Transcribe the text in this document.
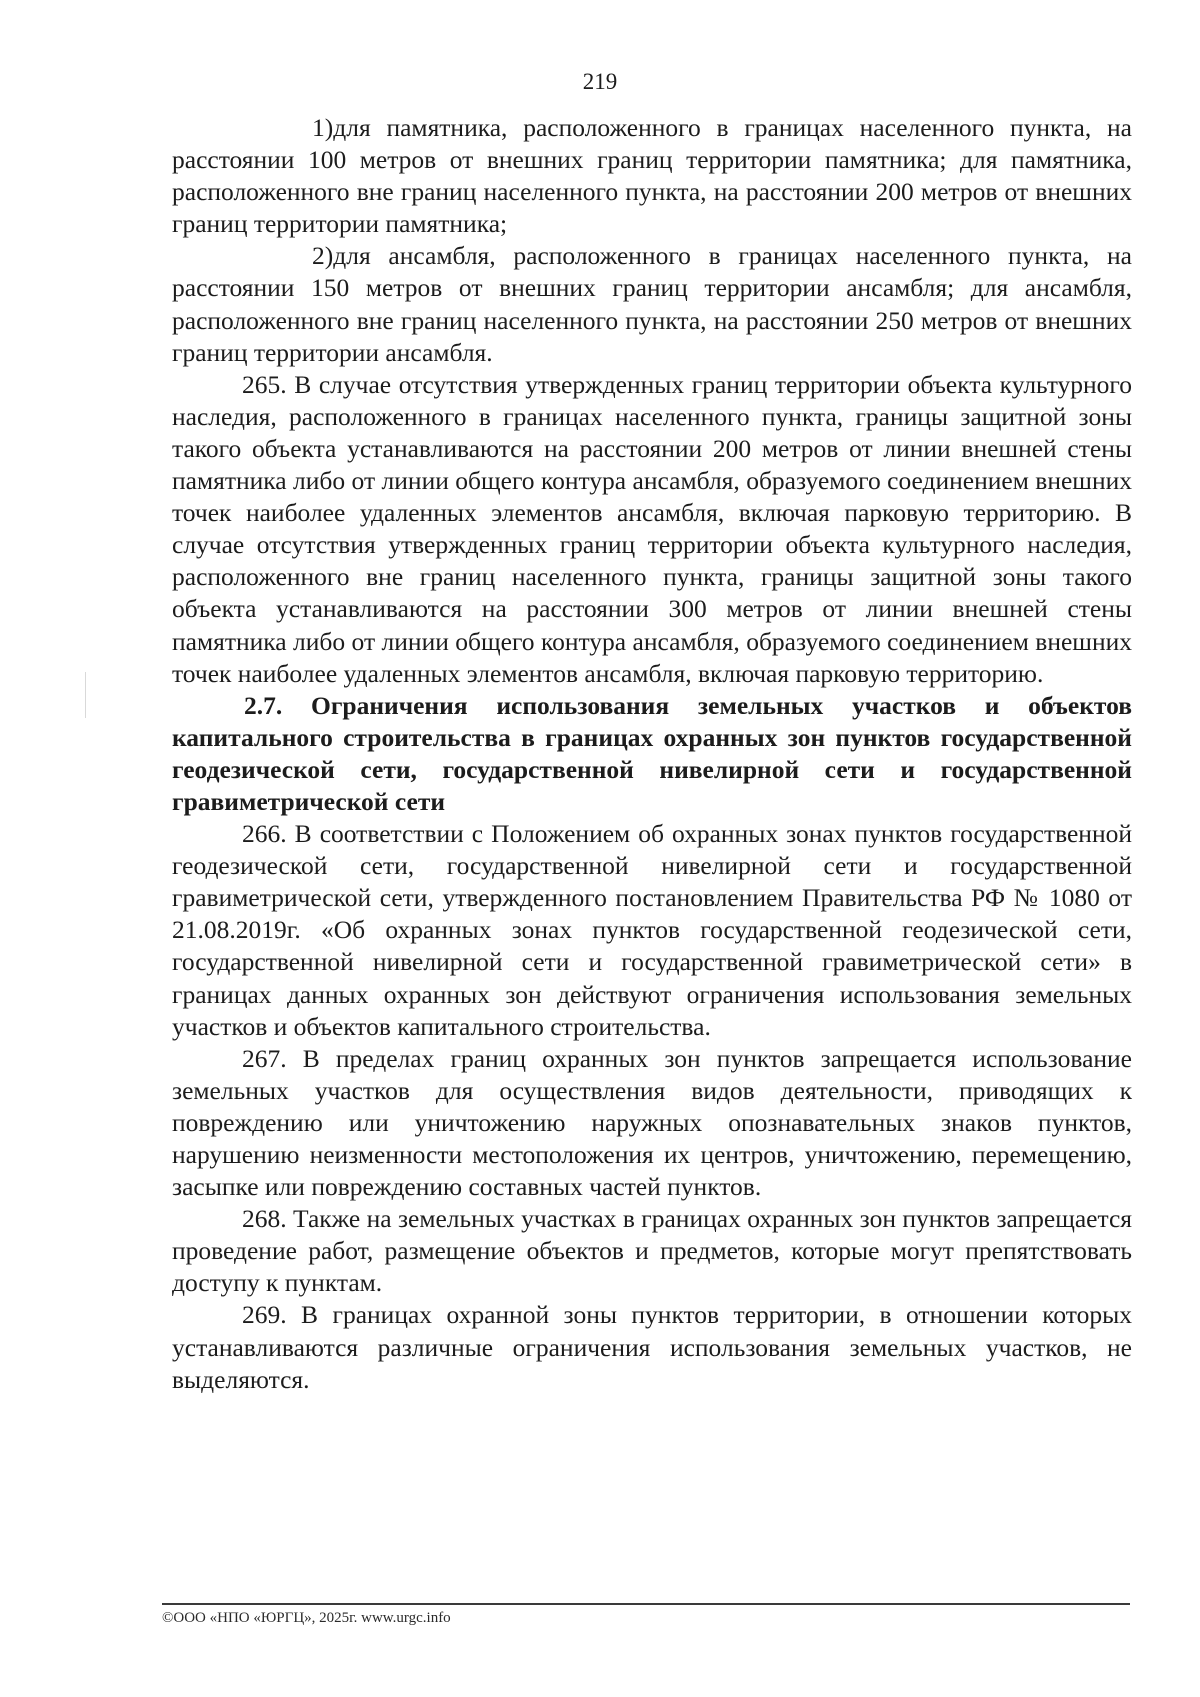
219

1)для памятника, расположенного в границах населенного пункта, на расстоянии 100 метров от внешних границ территории памятника; для памятника, расположенного вне границ населенного пункта, на расстоянии 200 метров от внешних границ территории памятника;

2)для ансамбля, расположенного в границах населенного пункта, на расстоянии 150 метров от внешних границ территории ансамбля; для ансамбля, расположенного вне границ населенного пункта, на расстоянии 250 метров от внешних границ территории ансамбля.

265. В случае отсутствия утвержденных границ территории объекта культурного наследия, расположенного в границах населенного пункта, границы защитной зоны такого объекта устанавливаются на расстоянии 200 метров от линии внешней стены памятника либо от линии общего контура ансамбля, образуемого соединением внешних точек наиболее удаленных элементов ансамбля, включая парковую территорию. В случае отсутствия утвержденных границ территории объекта культурного наследия, расположенного вне границ населенного пункта, границы защитной зоны такого объекта устанавливаются на расстоянии 300 метров от линии внешней стены памятника либо от линии общего контура ансамбля, образуемого соединением внешних точек наиболее удаленных элементов ансамбля, включая парковую территорию.

2.7. Ограничения использования земельных участков и объектов капитального строительства в границах охранных зон пунктов государственной геодезической сети, государственной нивелирной сети и государственной гравиметрической сети

266. В соответствии с Положением об охранных зонах пунктов государственной геодезической сети, государственной нивелирной сети и государственной гравиметрической сети, утвержденного постановлением Правительства РФ № 1080 от 21.08.2019г. «Об охранных зонах пунктов государственной геодезической сети, государственной нивелирной сети и государственной гравиметрической сети» в границах данных охранных зон действуют ограничения использования земельных участков и объектов капитального строительства.

267. В пределах границ охранных зон пунктов запрещается использование земельных участков для осуществления видов деятельности, приводящих к повреждению или уничтожению наружных опознавательных знаков пунктов, нарушению неизменности местоположения их центров, уничтожению, перемещению, засыпке или повреждению составных частей пунктов.

268. Также на земельных участках в границах охранных зон пунктов запрещается проведение работ, размещение объектов и предметов, которые могут препятствовать доступу к пунктам.

269. В границах охранной зоны пунктов территории, в отношении которых устанавливаются различные ограничения использования земельных участков, не выделяются.

©ООО «НПО «ЮРГЦ», 2025г. www.urgc.info
